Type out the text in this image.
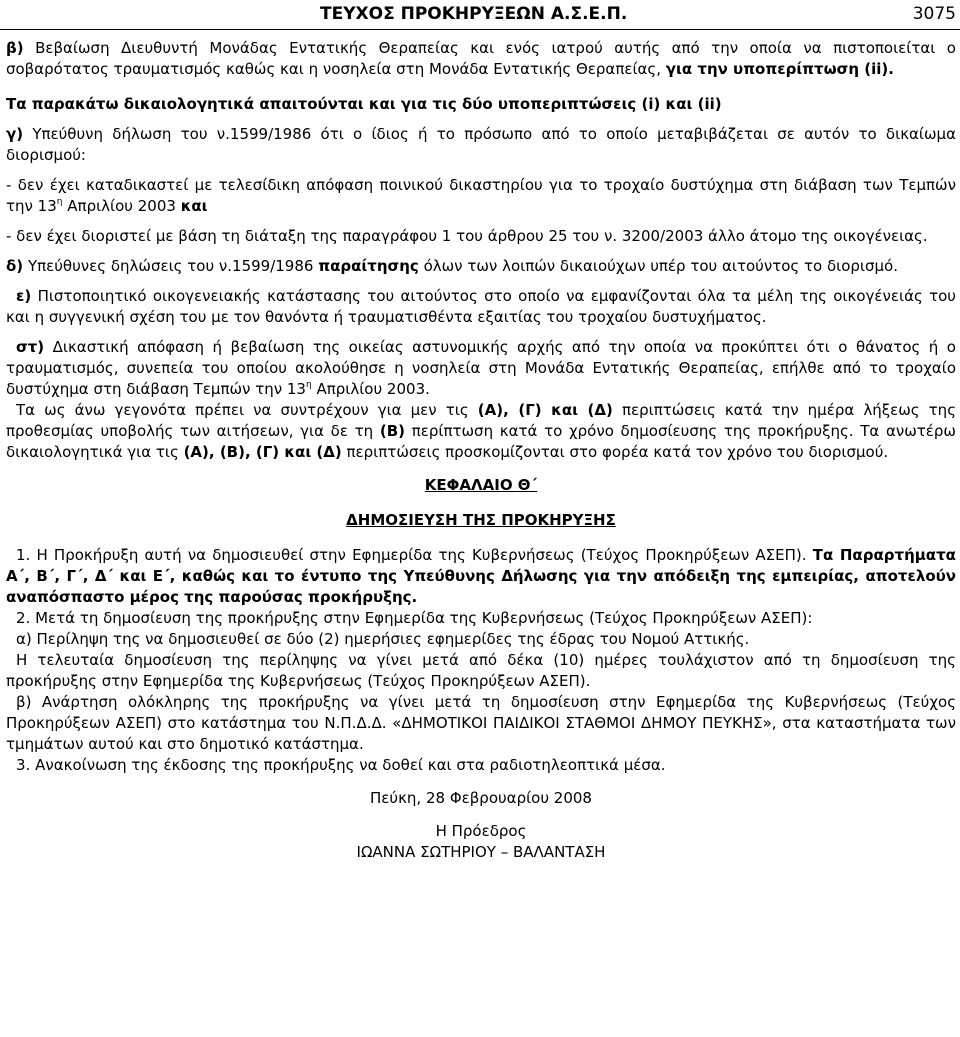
ΤΕΥΧΟΣ ΠΡΟΚΗΡΥΞΕΩΝ Α.Σ.Ε.Π.	3075

β) Βεβαίωση Διευθυντή Μονάδας Εντατικής Θεραπείας και ενός ιατρού αυτής από την οποία να πιστοποιείται ο σοβαρότατος τραυματισμός καθώς και η νοσηλεία στη Μονάδα Εντατικής Θεραπείας, για την υποπερίπτωση (ii).

Τα παρακάτω δικαιολογητικά απαιτούνται και για τις δύο υποπεριπτώσεις (i) και (ii)

γ) Υπεύθυνη δήλωση του ν.1599/1986 ότι ο ίδιος ή το πρόσωπο από το οποίο μεταβιβάζεται σε αυτόν το δικαίωμα διορισμού:

- δεν έχει καταδικαστεί με τελεσίδικη απόφαση ποινικού δικαστηρίου για το τροχαίο δυστύχημα στη διάβαση των Τεμπών την $13^\eta$ Απριλίου 2003 και

- δεν έχει διοριστεί με βάση τη διάταξη της παραγράφου 1 του άρθρου 25 του ν. 3200/2003 άλλο άτομο της οικογένειας.

δ) Υπεύθυνες δηλώσεις του ν.1599/1986 παραίτησης όλων των λοιπών δικαιούχων υπέρ του αιτούντος το διορισμό.

ε) Πιστοποιητικό οικογενειακής κατάστασης του αιτούντος στο οποίο να εμφανίζονται όλα τα μέλη της οικογένειάς του και η συγγενική σχέση του με τον θανόντα ή τραυματισθέντα εξαιτίας του τροχαίου δυστυχήματος.

στ) Δικαστική απόφαση ή βεβαίωση της οικείας αστυνομικής αρχής από την οποία να προκύπτει ότι ο θάνατος ή ο τραυματισμός, συνεπεία του οποίου ακολούθησε η νοσηλεία στη Μονάδα Εντατικής Θεραπείας, επήλθε από το τροχαίο δυστύχημα στη διάβαση Τεμπών την $13^\eta$ Απριλίου 2003.

Τα ως άνω γεγονότα πρέπει να συντρέχουν για μεν τις (Α), (Γ) και (Δ) περιπτώσεις κατά την ημέρα λήξεως της προθεσμίας υποβολής των αιτήσεων, για δε τη (Β) περίπτωση κατά το χρόνο δημοσίευσης της προκήρυξης. Τα ανωτέρω δικαιολογητικά για τις (Α), (Β), (Γ) και (Δ) περιπτώσεις προσκομίζονται στο φορέα κατά τον χρόνο του διορισμού.

ΚΕΦΑΛΑΙΟ Θ΄
ΔΗΜΟΣΙΕΥΣΗ ΤΗΣ ΠΡΟΚΗΡΥΞΗΣ

1. Η Προκήρυξη αυτή να δημοσιευθεί στην Εφημερίδα της Κυβερνήσεως (Τεύχος Προκηρύξεων ΑΣΕΠ). Τα Παραρτήματα Α΄, Β΄, Γ΄, Δ΄ και Ε΄, καθώς και το έντυπο της Υπεύθυνης Δήλωσης για την απόδειξη της εμπειρίας, αποτελούν αναπόσπαστο μέρος της παρούσας προκήρυξης.

2. Μετά τη δημοσίευση της προκήρυξης στην Εφημερίδα της Κυβερνήσεως (Τεύχος Προκηρύξεων ΑΣΕΠ):

α) Περίληψη της να δημοσιευθεί σε δύο (2) ημερήσιες εφημερίδες της έδρας του Νομού Αττικής.

Η τελευταία δημοσίευση της περίληψης να γίνει μετά από δέκα (10) ημέρες τουλάχιστον από τη δημοσίευση της προκήρυξης στην Εφημερίδα της Κυβερνήσεως (Τεύχος Προκηρύξεων ΑΣΕΠ).

β) Ανάρτηση ολόκληρης της προκήρυξης να γίνει μετά τη δημοσίευση στην Εφημερίδα της Κυβερνήσεως (Τεύχος Προκηρύξεων ΑΣΕΠ) στο κατάστημα του Ν.Π.Δ.Δ. «ΔΗΜΟΤΙΚΟΙ ΠΑΙΔΙΚΟΙ ΣΤΑΘΜΟΙ ΔΗΜΟΥ ΠΕΥΚΗΣ», στα καταστήματα των τμημάτων αυτού και στο δημοτικό κατάστημα.

3. Ανακοίνωση της έκδοσης της προκήρυξης να δοθεί και στα ραδιοτηλεοπτικά μέσα.

Πεύκη, 28 Φεβρουαρίου 2008
Η Πρόεδρος
ΙΩΑΝΝΑ ΣΩΤΗΡΙΟΥ – ΒΑΛΑΝΤΑΣΗ
